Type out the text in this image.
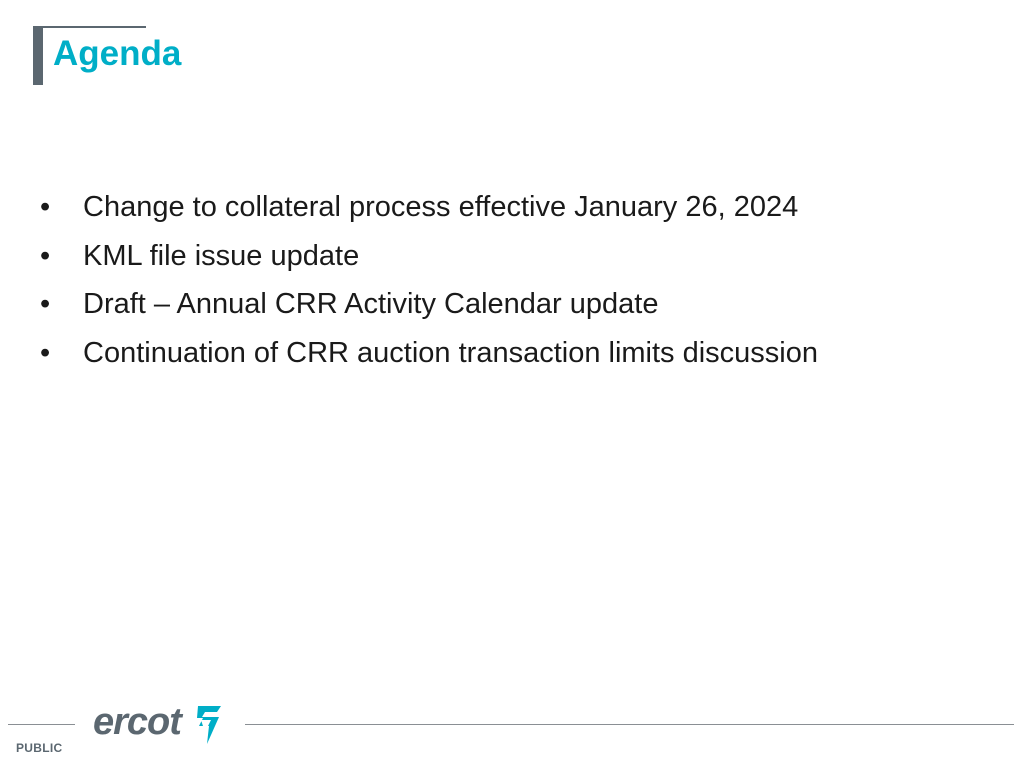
Agenda
•	Change to collateral process effective January 26, 2024
•	KML file issue update
•	Draft – Annual CRR Activity Calendar update
•	Continuation of CRR auction transaction limits discussion
ercot
PUBLIC
